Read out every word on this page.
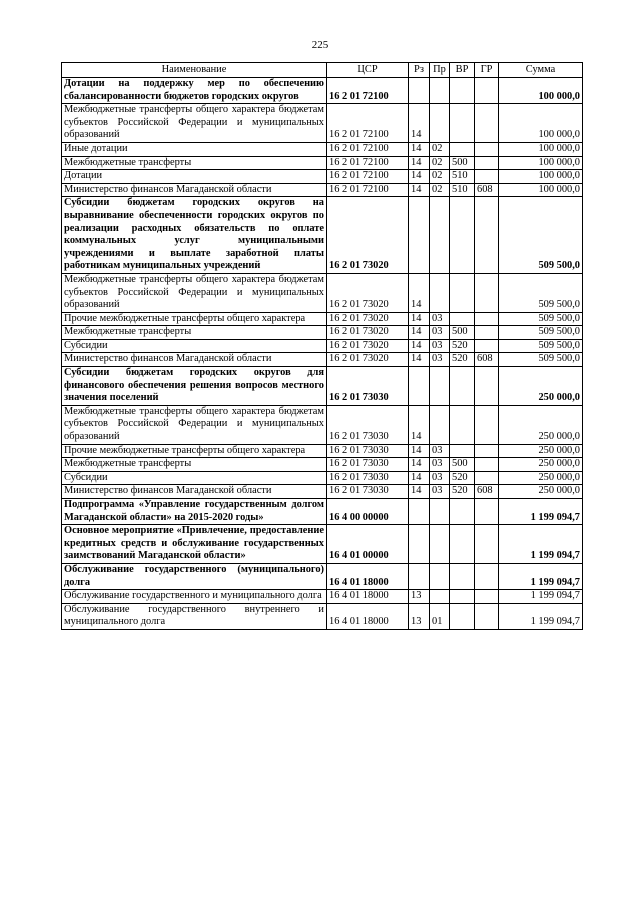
225
Наименование	ЦСР	Рз	Пр	ВР	ГР	Сумма
Дотации на поддержку мер по обеспечению сбалансированности бюджетов городских округов	16 2 01 72100					100 000,0
Межбюджетные трансферты общего характера бюджетам субъектов Российской Федерации и муниципальных образований	16 2 01 72100	14				100 000,0
Иные дотации	16 2 01 72100	14	02			100 000,0
Межбюджетные трансферты	16 2 01 72100	14	02	500		100 000,0
Дотации	16 2 01 72100	14	02	510		100 000,0
Министерство финансов Магаданской области	16 2 01 72100	14	02	510	608	100 000,0
Субсидии бюджетам городских округов на выравнивание обеспеченности городских округов по реализации расходных обязательств по оплате коммунальных услуг муниципальными учреждениями и выплате заработной платы работникам муниципальных учреждений	16 2 01 73020					509 500,0
Межбюджетные трансферты общего характера бюджетам субъектов Российской Федерации и муниципальных образований	16 2 01 73020	14				509 500,0
Прочие межбюджетные трансферты общего характера	16 2 01 73020	14	03			509 500,0
Межбюджетные трансферты	16 2 01 73020	14	03	500		509 500,0
Субсидии	16 2 01 73020	14	03	520		509 500,0
Министерство финансов Магаданской области	16 2 01 73020	14	03	520	608	509 500,0
Субсидии бюджетам городских округов для финансового обеспечения решения вопросов местного значения поселений	16 2 01 73030					250 000,0
Межбюджетные трансферты общего характера бюджетам субъектов Российской Федерации и муниципальных образований	16 2 01 73030	14				250 000,0
Прочие межбюджетные трансферты общего характера	16 2 01 73030	14	03			250 000,0
Межбюджетные трансферты	16 2 01 73030	14	03	500		250 000,0
Субсидии	16 2 01 73030	14	03	520		250 000,0
Министерство финансов Магаданской области	16 2 01 73030	14	03	520	608	250 000,0
Подпрограмма «Управление государственным долгом Магаданской области» на 2015-2020 годы»	16 4 00 00000					1 199 094,7
Основное мероприятие «Привлечение, предоставление кредитных средств и обслуживание государственных заимствований Магаданской области»	16 4 01 00000					1 199 094,7
Обслуживание государственного (муниципального) долга	16 4 01 18000					1 199 094,7
Обслуживание государственного и муниципального долга	16 4 01 18000	13				1 199 094,7
Обслуживание государственного внутреннего и муниципального долга	16 4 01 18000	13	01			1 199 094,7
